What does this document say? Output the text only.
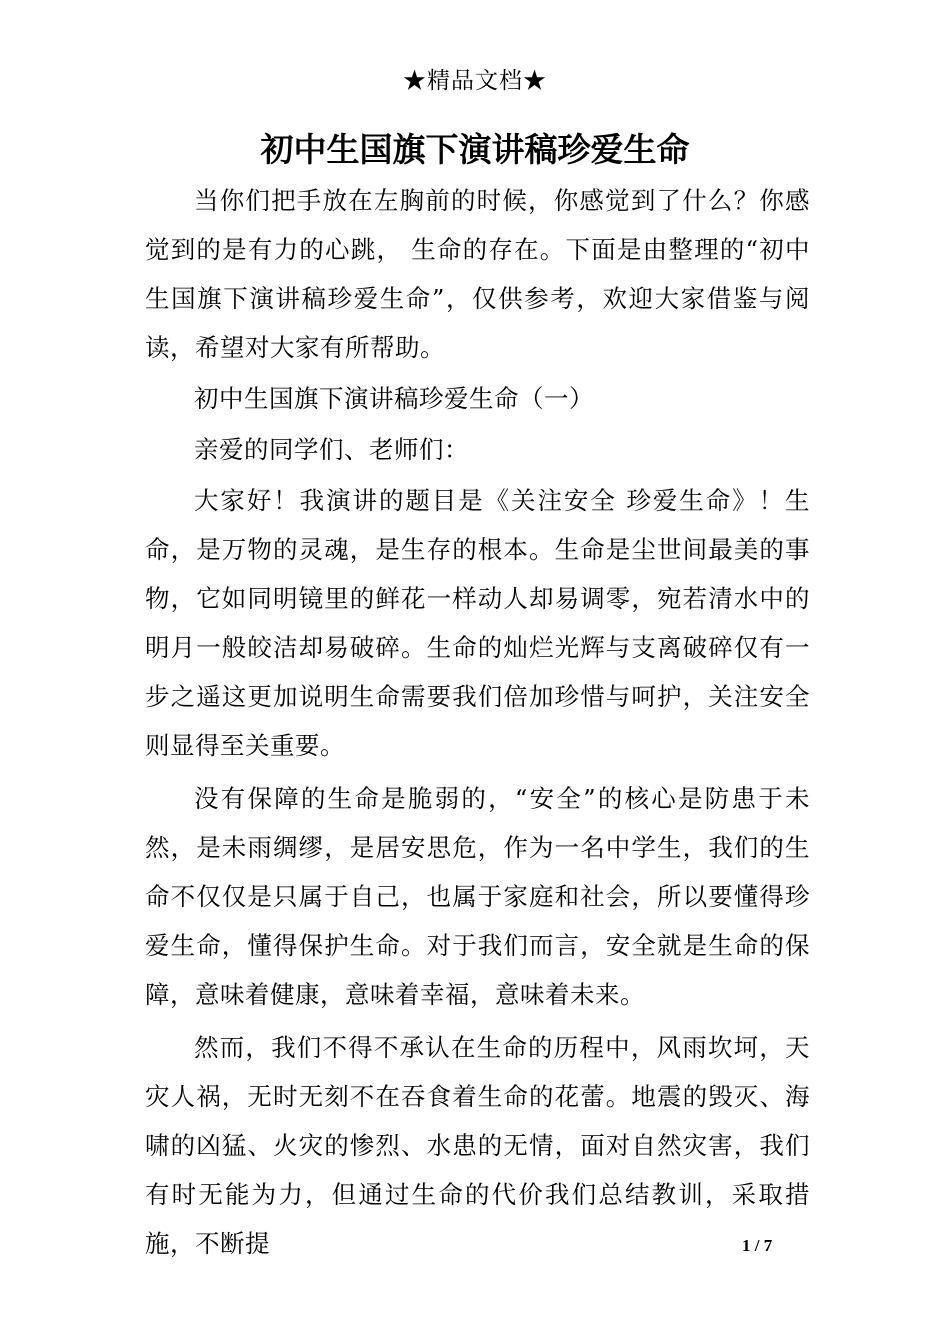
★精品文档★
初中生国旗下演讲稿珍爱生命

当你们把手放在左胸前的时候，你感觉到了什么？你感觉到的是有力的心跳， 生命的存在。下面是由整理的“初中生国旗下演讲稿珍爱生命”，仅供参考，欢迎大家借鉴与阅读，希望对大家有所帮助。

初中生国旗下演讲稿珍爱生命（一）

亲爱的同学们、老师们：

大家好！我演讲的题目是《关注安全 珍爱生命》！生命，是万物的灵魂，是生存的根本。生命是尘世间最美的事物，它如同明镜里的鲜花一样动人却易调零，宛若清水中的明月一般皎洁却易破碎。生命的灿烂光辉与支离破碎仅有一步之遥这更加说明生命需要我们倍加珍惜与呵护，关注安全则显得至关重要。

没有保障的生命是脆弱的，“安全”的核心是防患于未然，是未雨绸缪，是居安思危，作为一名中学生，我们的生命不仅仅是只属于自己，也属于家庭和社会，所以要懂得珍爱生命，懂得保护生命。对于我们而言，安全就是生命的保障，意味着健康，意味着幸福，意味着未来。

然而，我们不得不承认在生命的历程中，风雨坎坷，天灾人祸，无时无刻不在吞食着生命的花蕾。地震的毁灭、海啸的凶猛、火灾的惨烈、水患的无情，面对自然灾害，我们有时无能为力，但通过生命的代价我们总结教训，采取措施，不断提	1 / 7
